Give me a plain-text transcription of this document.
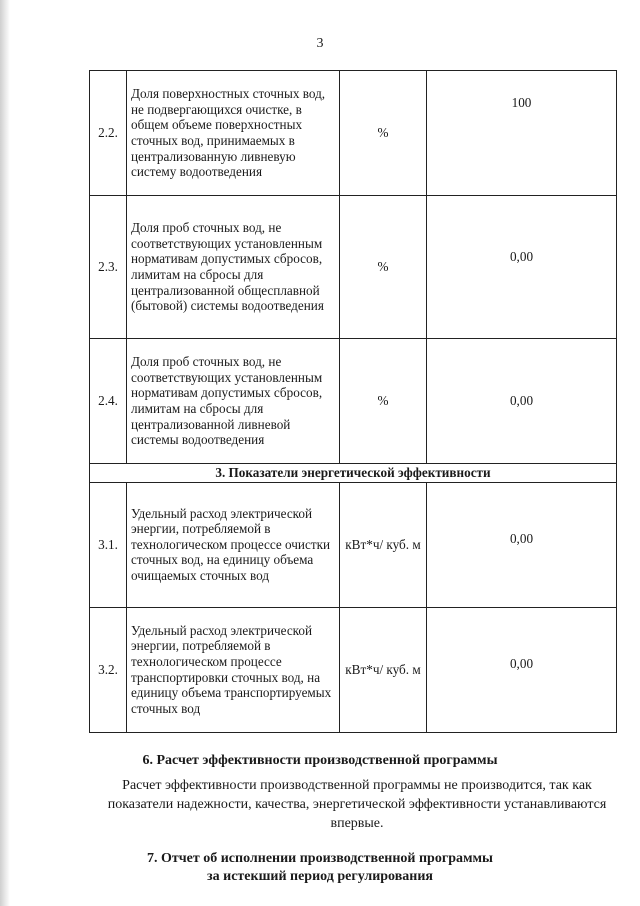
3
2.2.	Доля поверхностных сточных вод, не подвергающихся очистке, в общем объеме поверхностных сточных вод, принимаемых в централизованную ливневую систему водоотведения	%	100
2.3.	Доля проб сточных вод, не соответствующих установленным нормативам допустимых сбросов, лимитам на сбросы для централизованной общесплавной (бытовой) системы водоотведения	%	0,00
2.4.	Доля проб сточных вод, не соответствующих установленным нормативам допустимых сбросов, лимитам на сбросы для централизованной ливневой системы водоотведения	%	0,00
3. Показатели энергетической эффективности			
3.1.	Удельный расход электрической энергии, потребляемой в технологическом процессе очистки сточных вод, на единицу объема очищаемых сточных вод	кВт*ч/ куб. м	0,00
3.2.	Удельный расход электрической энергии, потребляемой в технологическом процессе транспортировки сточных вод, на единицу объема транспортируемых сточных вод	кВт*ч/ куб. м	0,00
6. Расчет эффективности производственной программы
Расчет эффективности производственной программы не производится, так как показатели надежности, качества, энергетической эффективности устанавливаются впервые.
7. Отчет об исполнении производственной программы
за истекший период регулирования
